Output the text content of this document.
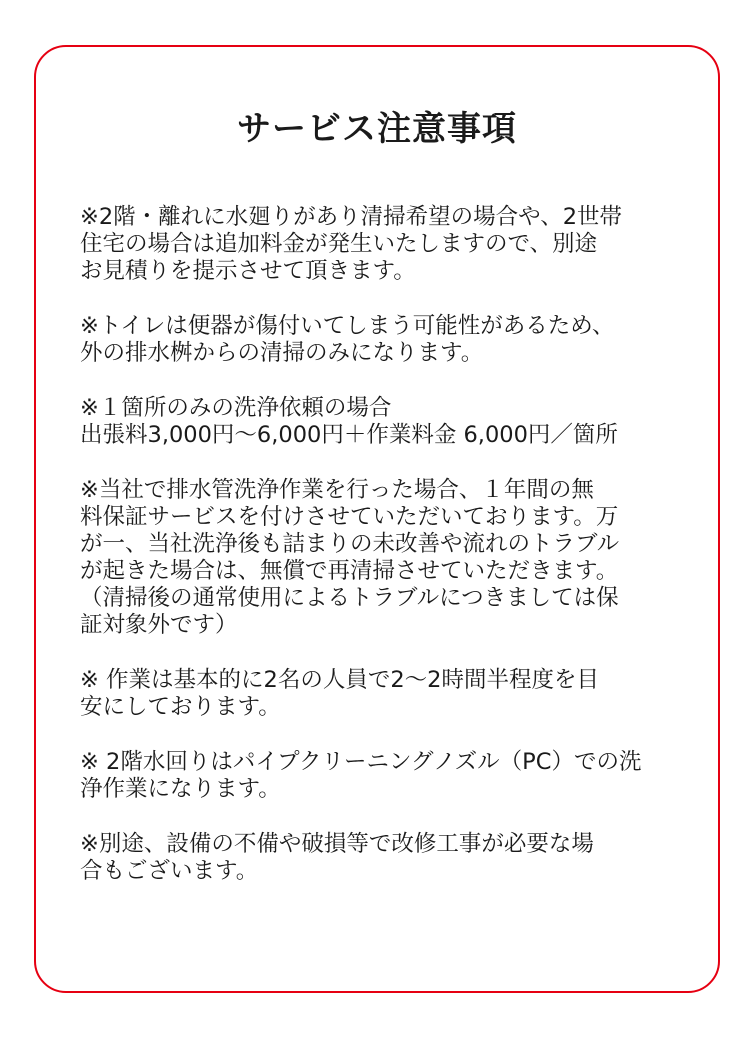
サービス注意事項
※2階・離れに水廻りがあり清掃希望の場合や、2世帯
住宅の場合は追加料金が発生いたしますので、別途
お見積りを提示させて頂きます。
※トイレは便器が傷付いてしまう可能性があるため、
外の排水桝からの清掃のみになります。
※１箇所のみの洗浄依頼の場合
出張料3,000円〜6,000円＋作業料金 6,000円／箇所
※当社で排水管洗浄作業を行った場合、１年間の無
料保証サービスを付けさせていただいております。万
が一、当社洗浄後も詰まりの未改善や流れのトラブル
が起きた場合は、無償で再清掃させていただきます。
（清掃後の通常使用によるトラブルにつきましては保
証対象外です）
※ 作業は基本的に2名の人員で2〜2時間半程度を目
安にしております。
※ 2階水回りはパイプクリーニングノズル（PC）での洗
浄作業になります。
※別途、設備の不備や破損等で改修工事が必要な場
合もございます。
